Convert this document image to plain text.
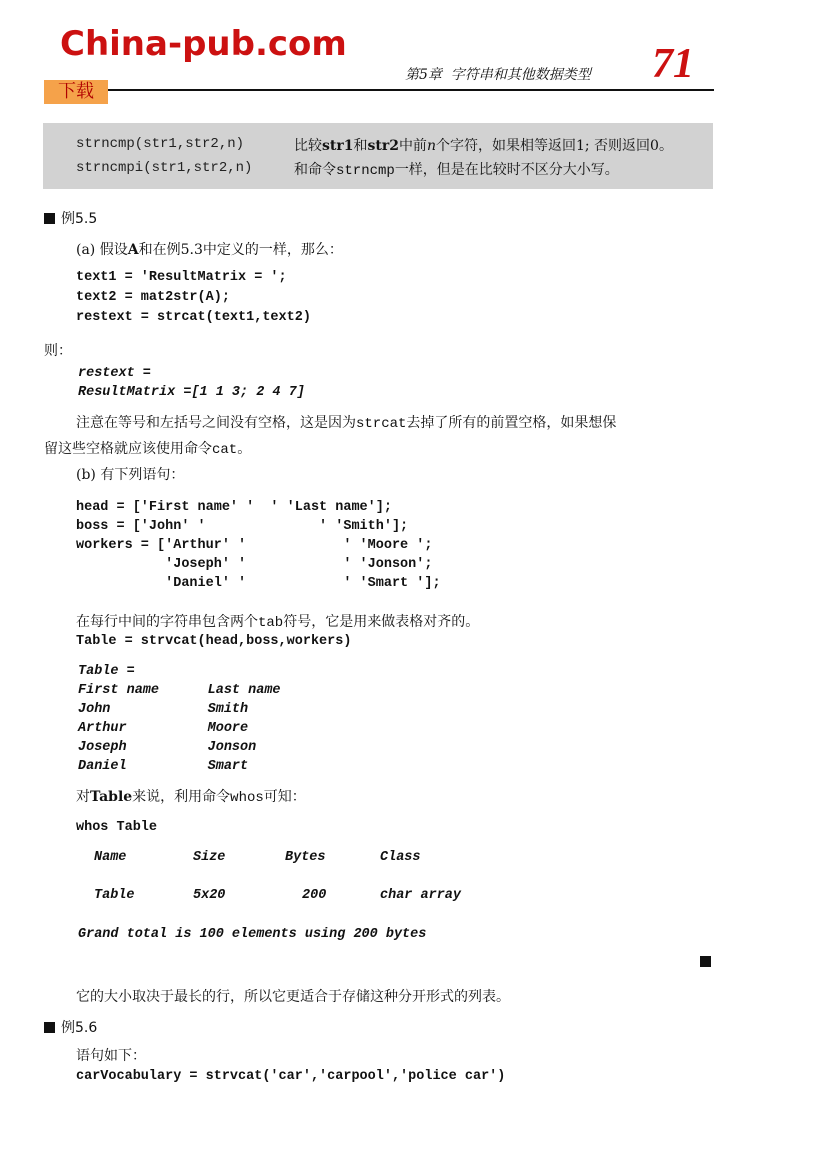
China-pub.com
下载
第5章  字符串和其他数据类型 71
strncmp(str1,str2,n)	比较str1和str2中前n个字符，如果相等返回1; 否则返回0。
strncmpi(str1,str2,n)	和命令strncmp一样，但是在比较时不区分大小写。
例5.5
(a) 假设A和在例5.3中定义的一样，那么：
text1 = 'ResultMatrix = ';
text2 = mat2str(A);
restext = strcat(text1,text2)
则：
restext =
ResultMatrix =[1 1 3; 2 4 7]
注意在等号和左括号之间没有空格，这是因为strcat去掉了所有的前置空格，如果想保
留这些空格就应该使用命令cat。
(b) 有下列语句：
head = ['First name' '  ' 'Last name'];
boss = ['John' '              ' 'Smith'];
workers = ['Arthur' '            ' 'Moore ';
'Joseph' '            ' 'Jonson';
'Daniel' '            ' 'Smart '];
在每行中间的字符串包含两个tab符号，它是用来做表格对齐的。
Table = strvcat(head,boss,workers)
Table =
First name      Last name
John            Smith
Arthur          Moore
Joseph          Jonson
Daniel          Smart
对Table来说，利用命令whos可知：
whos Table
Name	Size	Bytes	Class
Table	5x20	200	char array
Grand total is 100 elements using 200 bytes
它的大小取决于最长的行，所以它更适合于存储这种分开形式的列表。
例5.6
语句如下：
carVocabulary = strvcat('car','carpool','police car')
